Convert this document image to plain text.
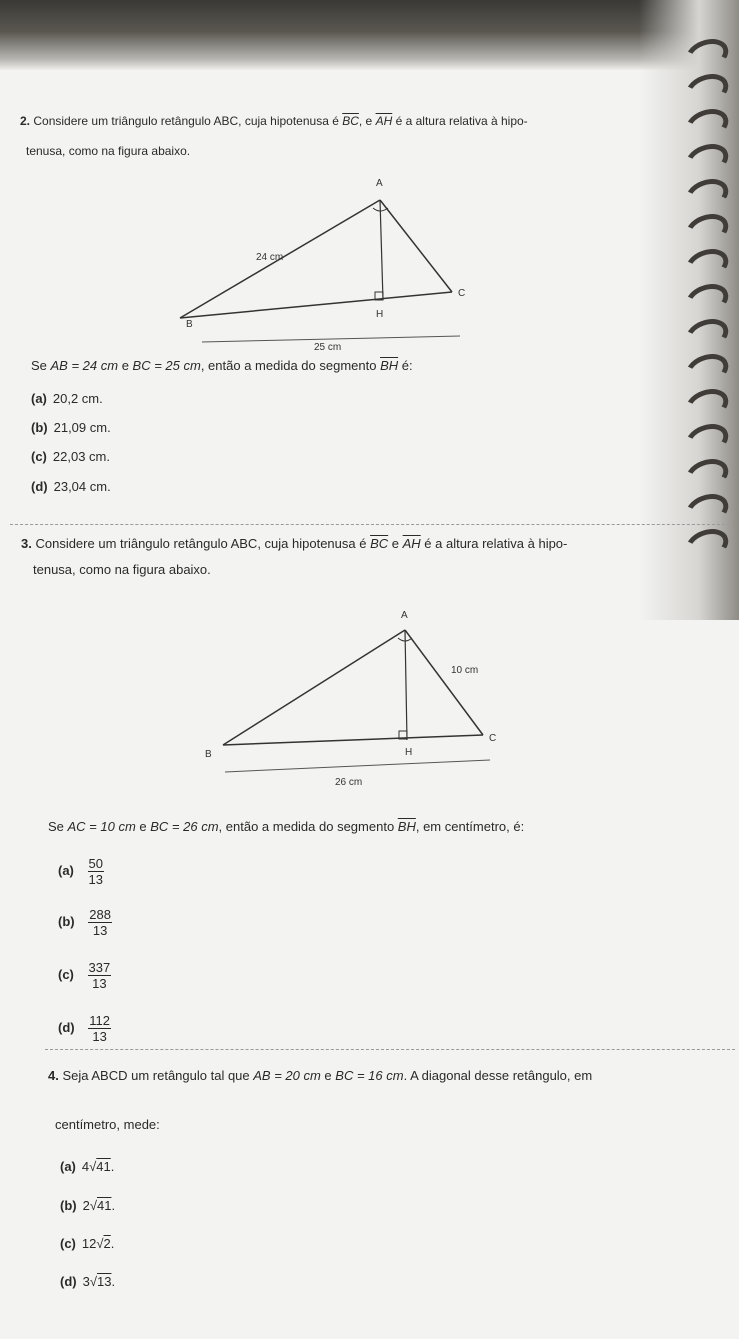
2. Considere um triângulo retângulo ABC, cuja hipotenusa é $\overline{BC}$, e $\overline{AH}$ é a altura relativa à hipo-
tenusa, como na figura abaixo.
A
B
C
H
24 cm
25 cm
Se AB = 24 cm e BC = 25 cm, então a medida do segmento $\overline{BH}$ é:
(a) 20,2 cm.
(b) 21,09 cm.
(c) 22,03 cm.
(d) 23,04 cm.
3. Considere um triângulo retângulo ABC, cuja hipotenusa é $\overline{BC}$ e $\overline{AH}$ é a altura relativa à hipo-
tenusa, como na figura abaixo.
A
B
C
H
10 cm
26 cm
Se AC = 10 cm e BC = 26 cm, então a medida do segmento $\overline{BH}$, em centímetro, é:
$(a) \frac{50}{13}$
$(b) \frac{288}{13}$
$(c) \frac{337}{13}$
$(d) \frac{112}{13}$
4. Seja ABCD um retângulo tal que AB = 20 cm e BC = 16 cm. A diagonal desse retângulo, em
centímetro, mede:
(a) 4√41.
(b) 2√41.
(c) 12√2.
(d) 3√13.
